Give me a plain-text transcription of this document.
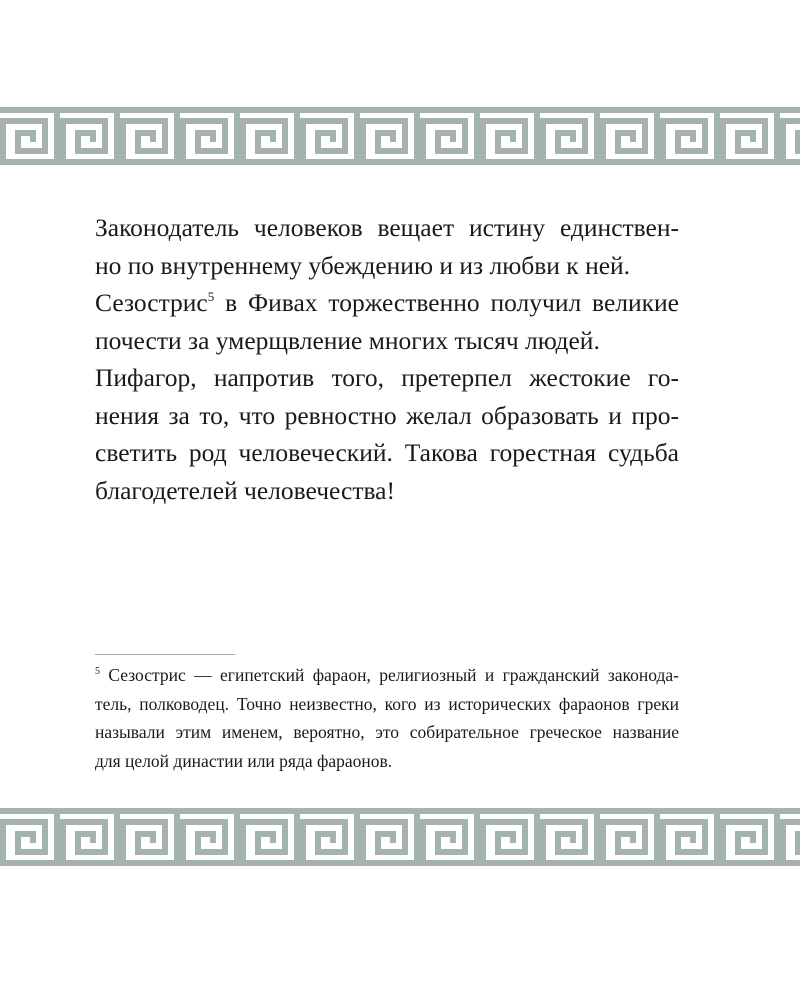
Законодатель человеков вещает истину единствен-
но по внутреннему убеждению и из любви к ней.
Сезострис$^5$ в Фивах торжественно получил великие
почести за умерщвление многих тысяч людей.
Пифагор, напротив того, претерпел жестокие го-
нения за то, что ревностно желал образовать и про-
светить род человеческий. Такова горестная судьба
благодетелей человечества!
$^5$ Сезострис — египетский фараон, религиозный и гражданский законода-
тель, полководец. Точно неизвестно, кого из исторических фараонов греки
называли этим именем, вероятно, это собирательное греческое название
для целой династии или ряда фараонов.
